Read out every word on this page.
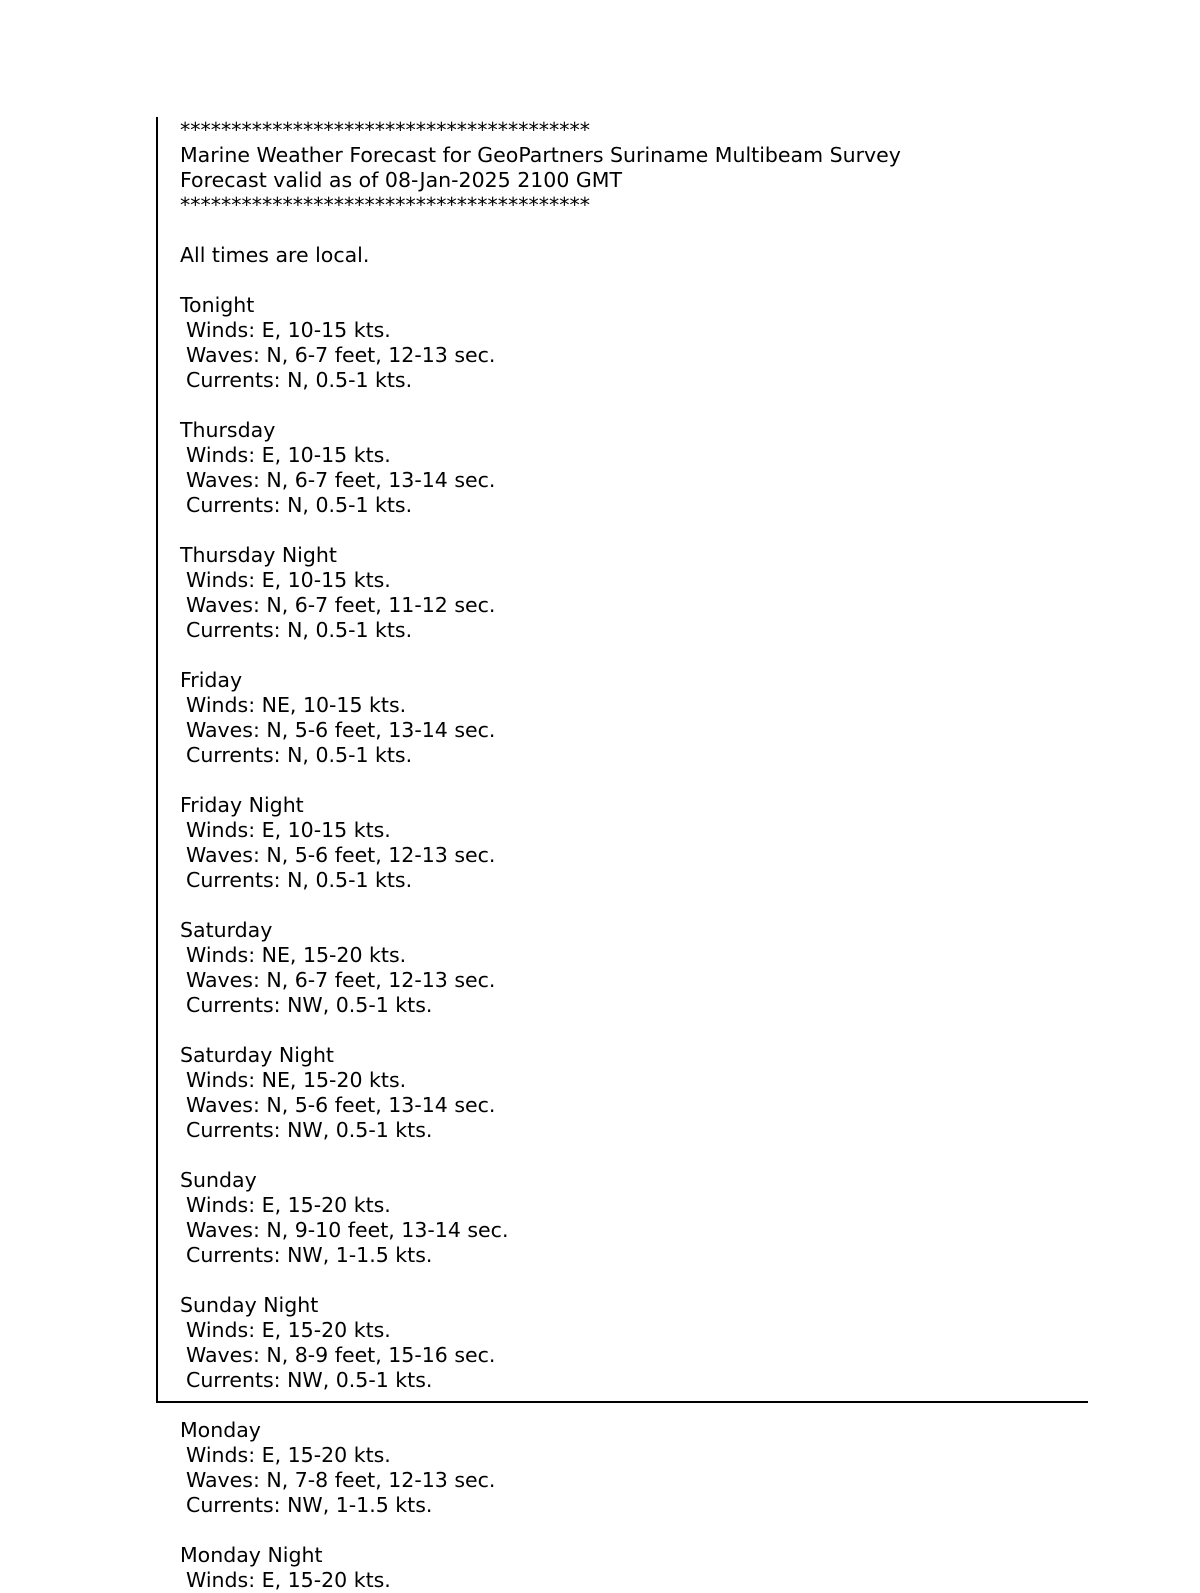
****************************************

Marine Weather Forecast for GeoPartners Suriname Multibeam Survey

Forecast valid as of 08-Jan-2025 2100 GMT

****************************************

All times are local.

Tonight

Winds: E, 10-15 kts.

Waves: N, 6-7 feet, 12-13 sec.

Currents: N, 0.5-1 kts.

Thursday

Winds: E, 10-15 kts.

Waves: N, 6-7 feet, 13-14 sec.

Currents: N, 0.5-1 kts.

Thursday Night

Winds: E, 10-15 kts.

Waves: N, 6-7 feet, 11-12 sec.

Currents: N, 0.5-1 kts.

Friday

Winds: NE, 10-15 kts.

Waves: N, 5-6 feet, 13-14 sec.

Currents: N, 0.5-1 kts.

Friday Night

Winds: E, 10-15 kts.

Waves: N, 5-6 feet, 12-13 sec.

Currents: N, 0.5-1 kts.

Saturday

Winds: NE, 15-20 kts.

Waves: N, 6-7 feet, 12-13 sec.

Currents: NW, 0.5-1 kts.

Saturday Night

Winds: NE, 15-20 kts.

Waves: N, 5-6 feet, 13-14 sec.

Currents: NW, 0.5-1 kts.

Sunday

Winds: E, 15-20 kts.

Waves: N, 9-10 feet, 13-14 sec.

Currents: NW, 1-1.5 kts.

Sunday Night

Winds: E, 15-20 kts.

Waves: N, 8-9 feet, 15-16 sec.

Currents: NW, 0.5-1 kts.

Monday

Winds: E, 15-20 kts.

Waves: N, 7-8 feet, 12-13 sec.

Currents: NW, 1-1.5 kts.

Monday Night

Winds: E, 15-20 kts.
